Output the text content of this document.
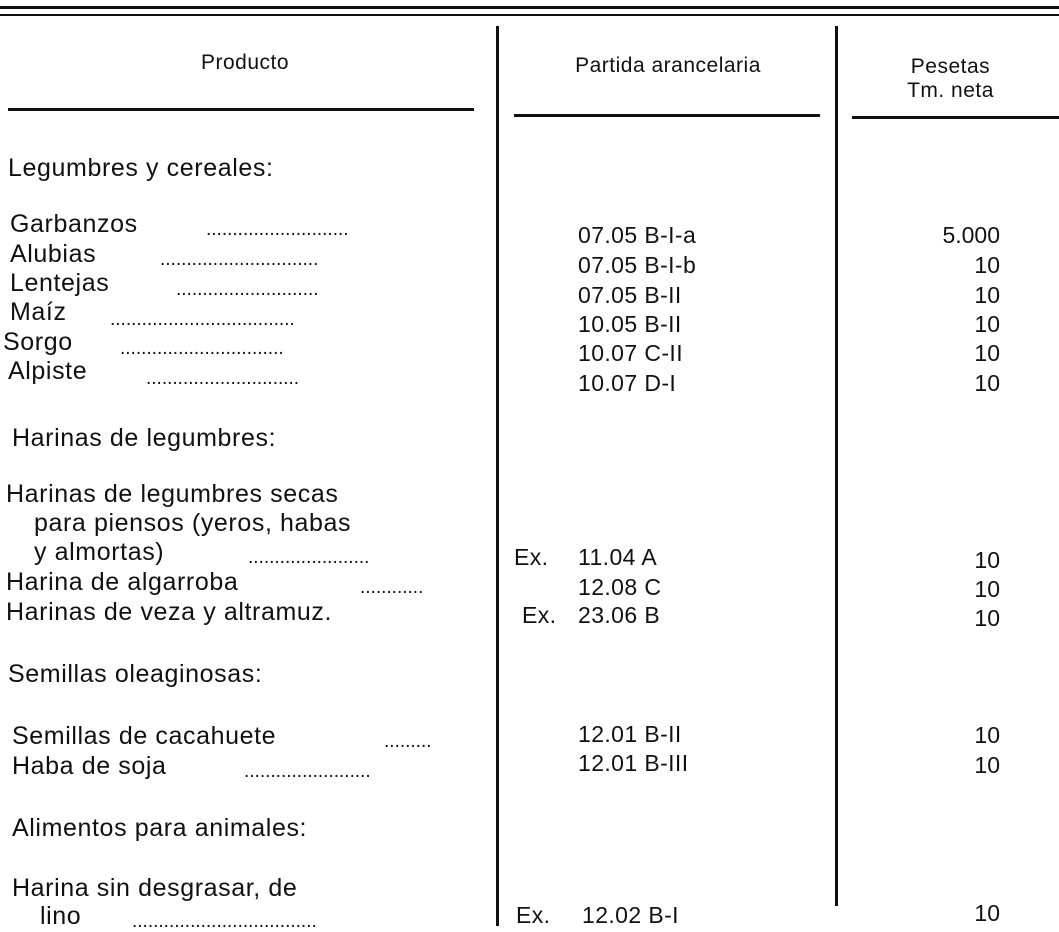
Producto	Partida arancelaria	Pesetas
Tm. neta
Legumbres y cereales:
Garbanzos	...........................	07.05 B-I-a	5.000
Alubias	..............................	07.05 B-I-b	10
Lentejas	...........................	07.05 B-II	10
Maíz ...................................	10.05 B-II	10
Sorgo ...............................	10.07 C-II	10
Alpiste	.............................	10.07 D-I	10
Harinas de legumbres:
Harinas de legumbres secas
para piensos (yeros, habas
y almortas)	.......................	Ex. 11.04 A	10
Harina de algarroba	............	12.08 C	10
Harinas de veza y altramuz.	Ex. 23.06 B	10
Semillas oleaginosas:
Semillas de cacahuete	.........	12.01 B-II	10
Haba de soja	........................	12.01 B-III	10
Alimentos para animales:
Harina sin desgrasar, de
lino	...................................	Ex. 12.02 B-I	10
